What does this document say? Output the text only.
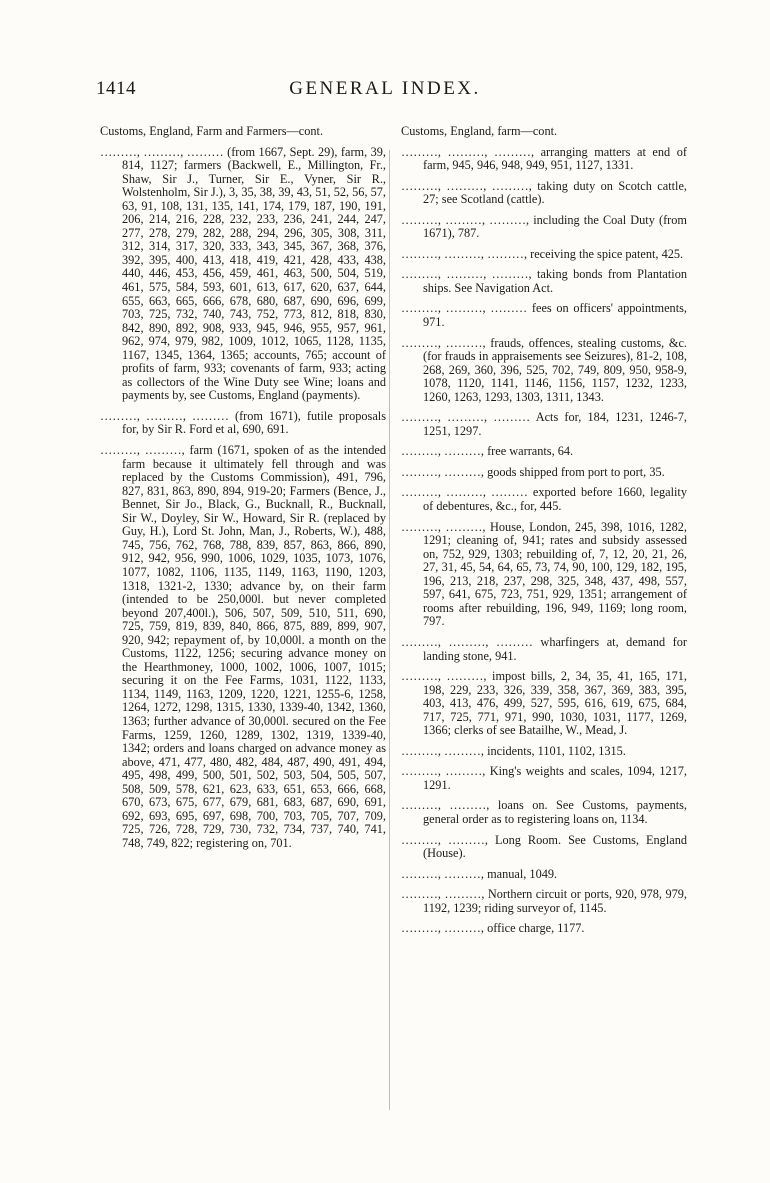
1414	GENERAL INDEX.
Customs, England, Farm and Farmers—cont.
………, ………, ……… (from 1667, Sept. 29), farm, 39, 814, 1127; farmers (Backwell, E., Millington, Fr., Shaw, Sir J., Turner, Sir E., Vyner, Sir R., Wolstenholm, Sir J.), 3, 35, 38, 39, 43, 51, 52, 56, 57, 63, 91, 108, 131, 135, 141, 174, 179, 187, 190, 191, 206, 214, 216, 228, 232, 233, 236, 241, 244, 247, 277, 278, 279, 282, 288, 294, 296, 305, 308, 311, 312, 314, 317, 320, 333, 343, 345, 367, 368, 376, 392, 395, 400, 413, 418, 419, 421, 428, 433, 438, 440, 446, 453, 456, 459, 461, 463, 500, 504, 519, 461, 575, 584, 593, 601, 613, 617, 620, 637, 644, 655, 663, 665, 666, 678, 680, 687, 690, 696, 699, 703, 725, 732, 740, 743, 752, 773, 812, 818, 830, 842, 890, 892, 908, 933, 945, 946, 955, 957, 961, 962, 974, 979, 982, 1009, 1012, 1065, 1128, 1135, 1167, 1345, 1364, 1365; accounts, 765; account of profits of farm, 933; covenants of farm, 933; acting as collectors of the Wine Duty see Wine; loans and payments by, see Customs, England (payments).
………, ………, ……… (from 1671), futile proposals for, by Sir R. Ford et al, 690, 691.
………, ………, farm (1671, spoken of as the intended farm because it ultimately fell through and was replaced by the Customs Commission), 491, 796, 827, 831, 863, 890, 894, 919-20; Farmers (Bence, J., Bennet, Sir Jo., Black, G., Bucknall, R., Bucknall, Sir W., Doyley, Sir W., Howard, Sir R. (replaced by Guy, H.), Lord St. John, Man, J., Roberts, W.), 488, 745, 756, 762, 768, 788, 839, 857, 863, 866, 890, 912, 942, 956, 990, 1006, 1029, 1035, 1073, 1076, 1077, 1082, 1106, 1135, 1149, 1163, 1190, 1203, 1318, 1321-2, 1330; advance by, on their farm (intended to be 250,000l. but never completed beyond 207,400l.), 506, 507, 509, 510, 511, 690, 725, 759, 819, 839, 840, 866, 875, 889, 899, 907, 920, 942; repayment of, by 10,000l. a month on the Customs, 1122, 1256; securing advance money on the Hearthmoney, 1000, 1002, 1006, 1007, 1015; securing it on the Fee Farms, 1031, 1122, 1133, 1134, 1149, 1163, 1209, 1220, 1221, 1255-6, 1258, 1264, 1272, 1298, 1315, 1330, 1339-40, 1342, 1360, 1363; further advance of 30,000l. secured on the Fee Farms, 1259, 1260, 1289, 1302, 1319, 1339-40, 1342; orders and loans charged on advance money as above, 471, 477, 480, 482, 484, 487, 490, 491, 494, 495, 498, 499, 500, 501, 502, 503, 504, 505, 507, 508, 509, 578, 621, 623, 633, 651, 653, 666, 668, 670, 673, 675, 677, 679, 681, 683, 687, 690, 691, 692, 693, 695, 697, 698, 700, 703, 705, 707, 709, 725, 726, 728, 729, 730, 732, 734, 737, 740, 741, 748, 749, 822; registering on, 701.
Customs, England, farm—cont.
………, ………, ………, arranging matters at end of farm, 945, 946, 948, 949, 951, 1127, 1331.
………, ………, ………, taking duty on Scotch cattle, 27; see Scotland (cattle).
………, ………, ………, including the Coal Duty (from 1671), 787.
………, ………, ………, receiving the spice patent, 425.
………, ………, ………, taking bonds from Plantation ships. See Navigation Act.
………, ………, ……… fees on officers' appointments, 971.
………, ………, frauds, offences, stealing customs, &c. (for frauds in appraisements see Seizures), 81-2, 108, 268, 269, 360, 396, 525, 702, 749, 809, 950, 958-9, 1078, 1120, 1141, 1146, 1156, 1157, 1232, 1233, 1260, 1263, 1293, 1303, 1311, 1343.
………, ………, ……… Acts for, 184, 1231, 1246-7, 1251, 1297.
………, ………, free warrants, 64.
………, ………, goods shipped from port to port, 35.
………, ………, ……… exported before 1660, legality of debentures, &c., for, 445.
………, ………, House, London, 245, 398, 1016, 1282, 1291; cleaning of, 941; rates and subsidy assessed on, 752, 929, 1303; rebuilding of, 7, 12, 20, 21, 26, 27, 31, 45, 54, 64, 65, 73, 74, 90, 100, 129, 182, 195, 196, 213, 218, 237, 298, 325, 348, 437, 498, 557, 597, 641, 675, 723, 751, 929, 1351; arrangement of rooms after rebuilding, 196, 949, 1169; long room, 797.
………, ………, ……… wharfingers at, demand for landing stone, 941.
………, ………, impost bills, 2, 34, 35, 41, 165, 171, 198, 229, 233, 326, 339, 358, 367, 369, 383, 395, 403, 413, 476, 499, 527, 595, 616, 619, 675, 684, 717, 725, 771, 971, 990, 1030, 1031, 1177, 1269, 1366; clerks of see Batailhe, W., Mead, J.
………, ………, incidents, 1101, 1102, 1315.
………, ………, King's weights and scales, 1094, 1217, 1291.
………, ………, loans on. See Customs, payments, general order as to registering loans on, 1134.
………, ………, Long Room. See Customs, England (House).
………, ………, manual, 1049.
………, ………, Northern circuit or ports, 920, 978, 979, 1192, 1239; riding surveyor of, 1145.
………, ………, office charge, 1177.
